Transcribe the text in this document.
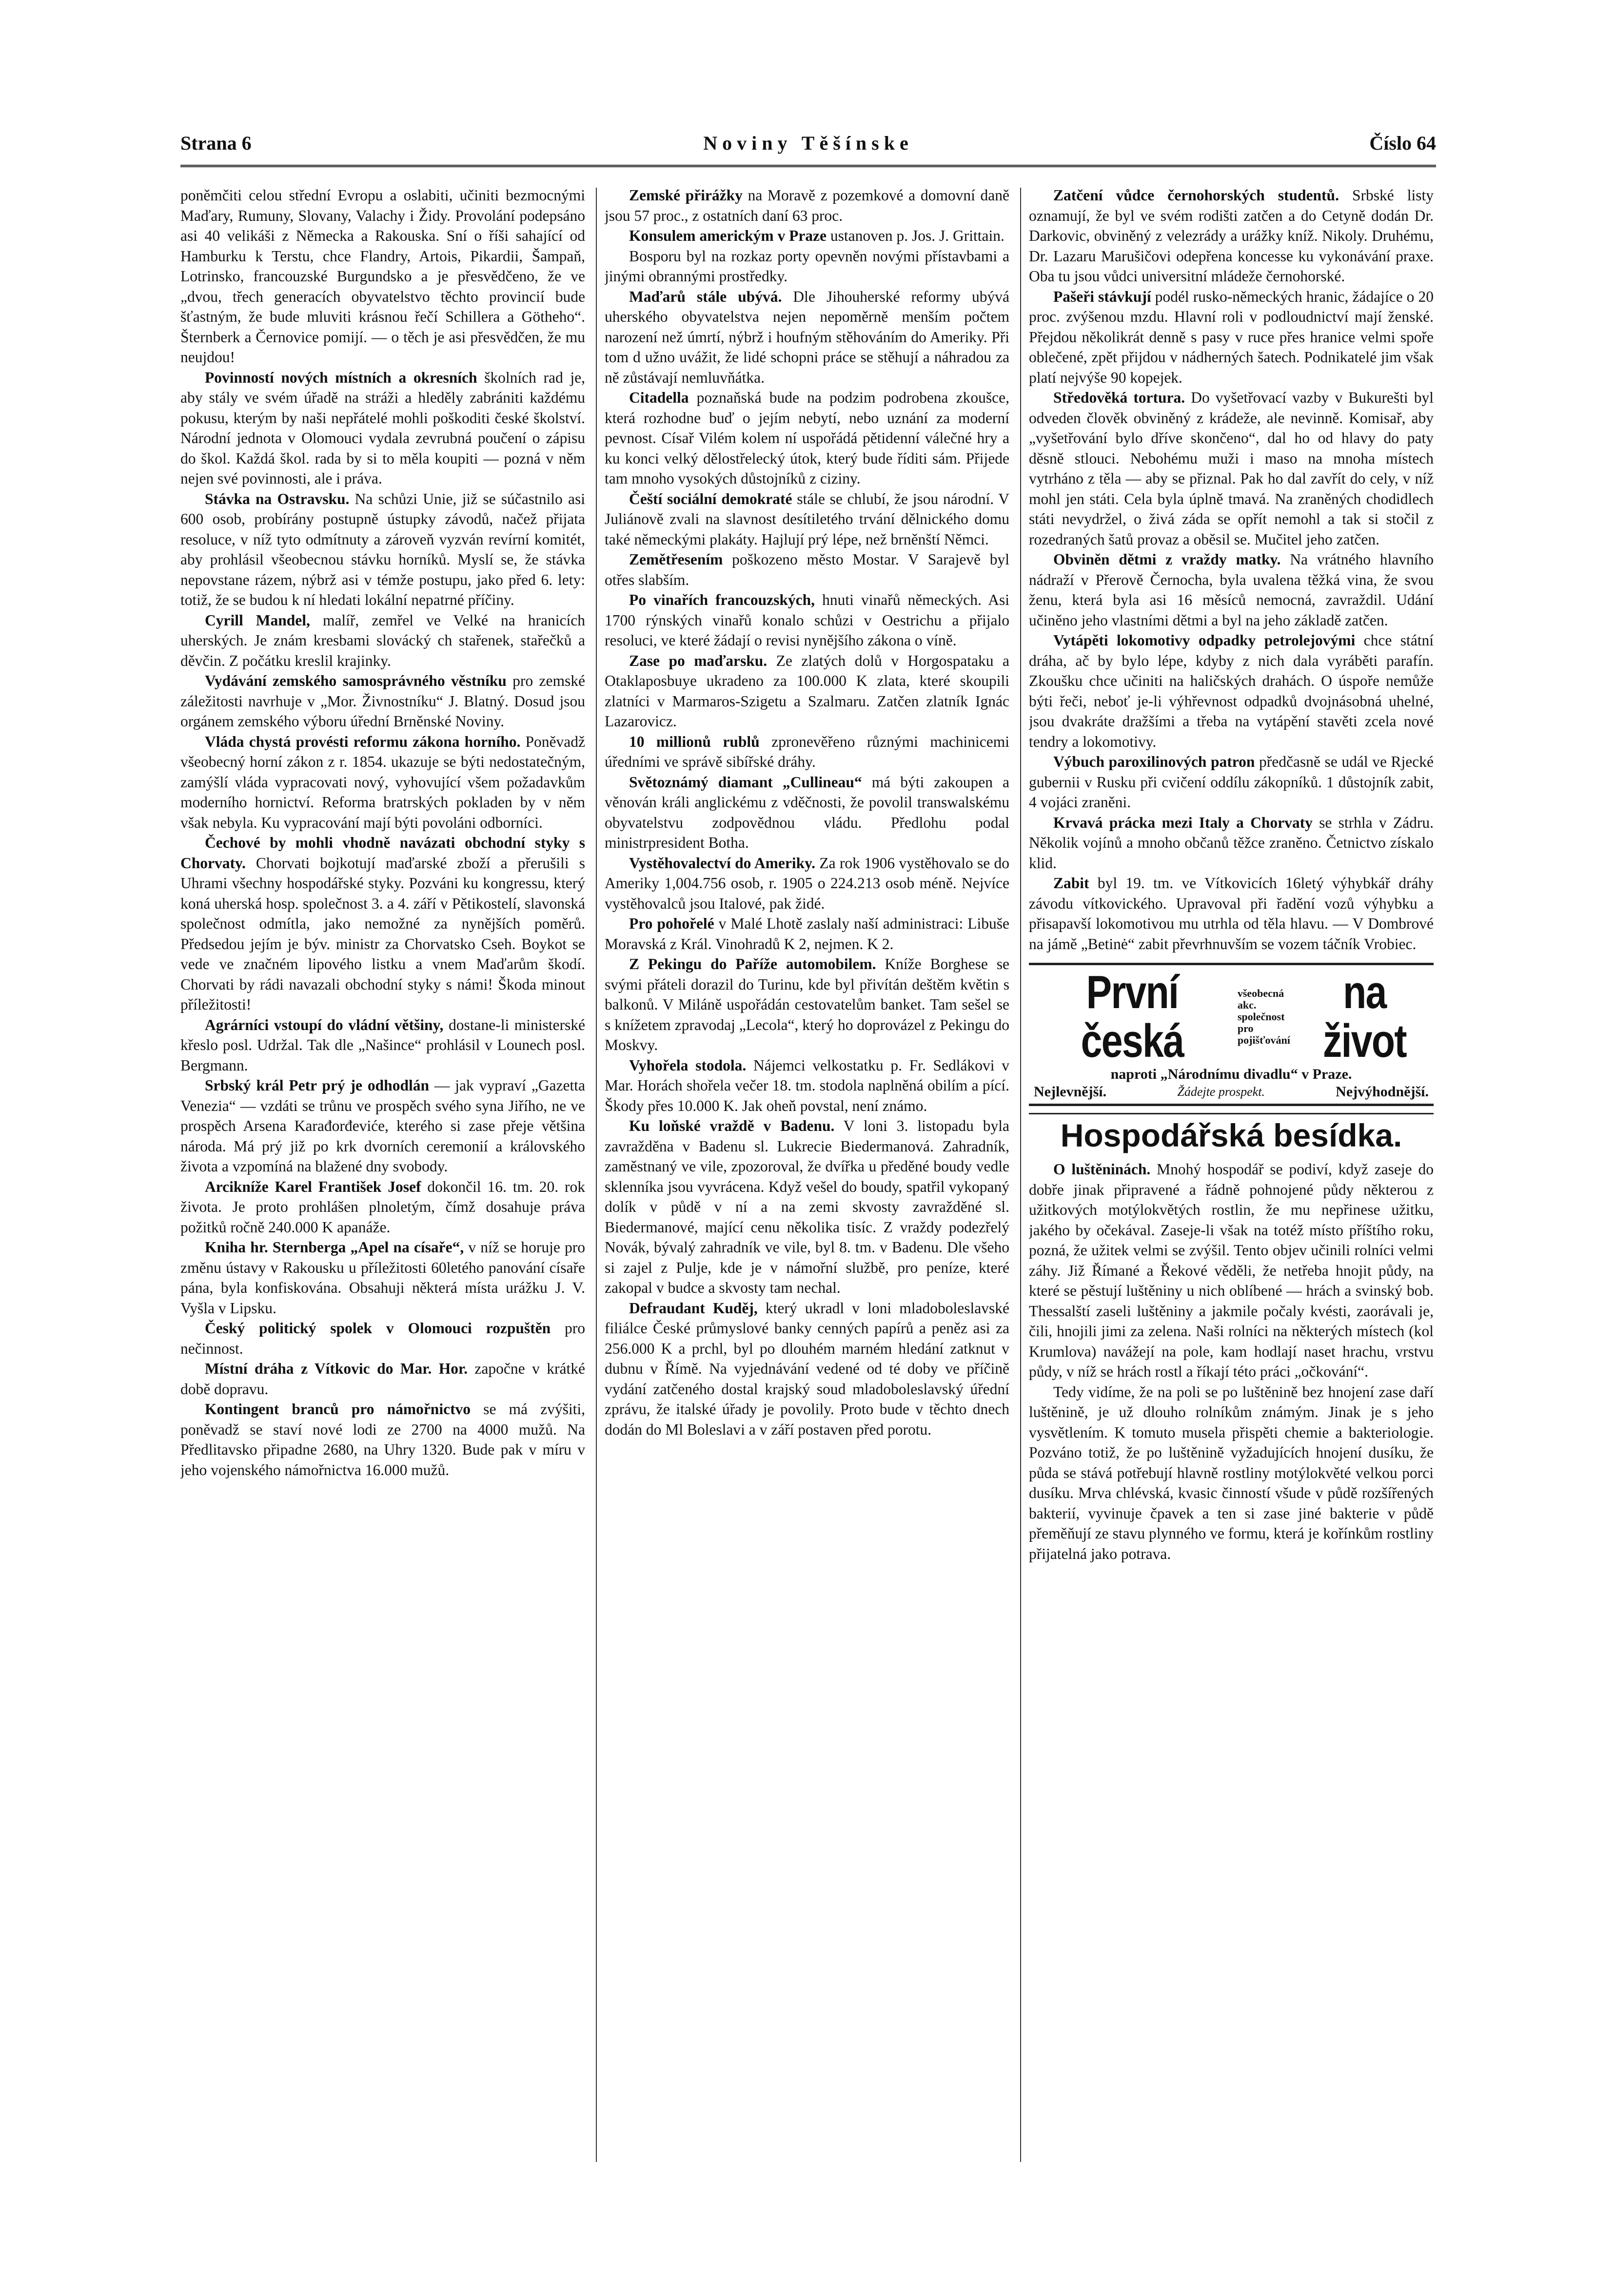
Strana 6	Noviny Těšínske	Číslo 64

poněmčiti celou střední Evropu a oslabiti, učiniti bezmocnými Maďary, Rumuny, Slovany, Valachy i Židy. Provolání podepsáno asi 40 velikáši z Německa a Rakouska. Sní o říši sahající od Hamburku k Terstu, chce Flandry, Artois, Pikardii, Šampaň, Lotrinsko, francouzské Burgundsko a je přesvědčeno, že ve „dvou, třech generacích obyvatelstvo těchto provincií bude šťastným, že bude mluviti krásnou řečí Schillera a Götheho“. Šternberk a Černovice pomijí. — o těch je asi přesvědčen, že mu neujdou!

Povinností nových místních a okresních školních rad je, aby stály ve svém úřadě na stráži a hleděly zabrániti každému pokusu, kterým by naši nepřátelé mohli poškoditi české školství. Národní jednota v Olomouci vydala zevrubná poučení o zápisu do škol. Každá škol. rada by si to měla koupiti — pozná v něm nejen své povinnosti, ale i práva.

Stávka na Ostravsku. Na schůzi Unie, již se súčastnilo asi 600 osob, probírány postupně ústupky závodů, načež přijata resolucе, v níž tyto odmítnuty a zároveň vyzván revírní komitét, aby prohlásil všeobecnou stávku horníků. Myslí se, že stávka nepovstane rázem, nýbrž asi v témže postupu, jako před 6. lety: totiž, že se budou k ní hledati lokální nepatrné příčiny.

Cyrill Mandel, malíř, zemřel ve Velké na hranicích uherských. Je znám kresbami slovácký ch stařenek, stařečků a děvčin. Z počátku kreslil krajinky.

Vydávání zemského samosprávného věstníku pro zemské záležitosti navrhuje v „Mor. Živnostníku“ J. Blatný. Dosud jsou orgánem zemského výboru úřední Brněnské Noviny.

Vláda chystá provésti reformu zákona horního. Poněvadž všeobecný horní zákon z r. 1854. ukazuje se býti nedostatečným, zamýšlí vláda vypracovati nový, vyhovující všem požadavkům moderního hornictví. Reforma bratrských pokladen by v něm však nebyla. Ku vypracování mají býti povoláni odborníci.

Čechové by mohli vhodně navázati obchodní styky s Chorvaty. Chorvati bojkotují maďarské zboží a přerušili s Uhrami všechny hospodářské styky. Pozváni ku kongressu, který koná uherská hosp. společnost 3. a 4. září v Pětikostelí, slavonská společnost odmítla, jako nemožné za nynějších poměrů. Předsedou jejím je býv. ministr za Chorvatsko Cseh. Boykot se vede ve značném lipového listku a vnem Maďarům škodí. Chorvati by rádi navazali obchodní styky s námi! Škoda minout příležitosti!

Agrárníci vstoupí do vládní většiny, dostane-li ministerské křeslo posl. Udržal. Tak dle „Našince“ prohlásil v Lounech posl. Bergmann.

Srbský král Petr prý je odhodlán — jak vypraví „Gazetta Venezia“ — vzdáti se trůnu ve prospěch svého syna Jiřího, ne ve prospěch Arsena Karađorđeviće, kterého si zase přeje většina národa. Má prý již po krk dvorních ceremonií a královského života a vzpomíná na blažené dny svobody.

Arcikníže Karel František Josef dokončil 16. tm. 20. rok života. Je proto prohlášen plnoletým, čímž dosahuje práva požitků ročně 240.000 K apanáže.

Kniha hr. Sternberga „Apel na císaře“, v níž se horuje pro změnu ústavy v Rakousku u příležitosti 60letého panování císaře pána, byla konfiskována. Obsahuji některá místa urážku J. V. Vyšla v Lipsku.

Český politický spolek v Olomouci rozpuštěn pro nečinnost.

Místní dráha z Vítkovic do Mar. Hor. započne v krátké době dopravu.

Kontingent branců pro námořnictvo se má zvýšiti, poněvadž se staví nové lodi ze 2700 na 4000 mužů. Na Předlitavsko připadne 2680, na Uhry 1320. Bude pak v míru v jeho vojenského námořnictva 16.000 mužů.

Zemské přirážky na Moravě z pozemkové a domovní daně jsou 57 proc., z ostatních daní 63 proc.

Konsulem americkým v Praze ustanoven p. Jos. J. Grittain.

Bosporu byl na rozkaz porty opevněn novými přístavbami a jinými obrannými prostředky.

Maďarů stále ubývá. Dle Jihouherské reformy ubývá uherského obyvatelstva nejen nepoměrně menším počtem narození než úmrtí, nýbrž i houfným stěhováním do Ameriky. Při tom d užno uvážit, že lidé schopni práce se stěhují a náhradou za ně zůstávají nemluvňátka.

Citadella poznaňská bude na podzim podrobena zkoušce, která rozhodne buď o jejím nebytí, nebo uznání za moderní pevnost. Císař Vilém kolem ní uspořádá pětidenní válečné hry a ku konci velký dělostřelecký útok, který bude říditi sám. Přijede tam mnoho vysokých důstojníků z ciziny.

Čeští sociální demokraté stále se chlubí, že jsou národní. V Juliánově zvali na slavnost desítiletého trvání dělnického domu také německými plakáty. Hajlují prý lépe, než brněnští Němci.

Zemětřesením poškozeno město Mostar. V Sarajevě byl otřes slabším.

Po vinařích francouzských, hnuti vinařů německých. Asi 1700 rýnských vinařů konalo schůzi v Oestrichu a přijalo resoluci, ve které žádají o revisi nynějšího zákona o víně.

Zase po maďarsku. Ze zlatých dolů v Horgospataku a Otaklaposbuye ukradeno za 100.000 K zlata, které skoupili zlatníci v Marmaros-Szigetu a Szalmaru. Zatčen zlatník Ignác Lazarovicz.

10 millionů rublů zpronevěřeno různými machinicemi úředními ve správě sibířské dráhy.

Světoznámý diamant „Cullineau“ má býti zakoupen a věnován králi anglickému z vděčnosti, že povolil transwalskému obyvatelstvu zodpovědnou vládu. Předlohu podal ministrpresident Botha.

Vystěhovalectví do Ameriky. Za rok 1906 vystěhovalo se do Ameriky 1,004.756 osob, r. 1905 o 224.213 osob méně. Nejvíce vystěhovalců jsou Italové, pak židé.

Pro pohořelé v Malé Lhotě zaslaly naší administraci: Libuše Moravská z Král. Vinohradů K 2, nejmen. K 2.

Z Pekingu do Paříže automobilem. Kníže Borghese se svými přáteli dorazil do Turinu, kde byl přivítán deštěm květin s balkonů. V Miláně uspořádán cestovatelům banket. Tam sešel se s knížetem zpravodaj „Lecola“, který ho doprovázel z Pekingu do Moskvy.

Vyhořela stodola. Nájemci velkostatku p. Fr. Sedlákovi v Mar. Horách shořela večer 18. tm. stodola naplněná obilím a pící. Škody přes 10.000 K. Jak oheň povstal, není známo.

Ku loňské vraždě v Badenu. V loni 3. listopadu byla zavražděna v Badenu sl. Lukrecie Biedermanová. Zahradník, zaměstnaný ve vile, zpozoroval, že dvířka u předěné boudy vedle sklenníka jsou vyvrácena. Když vešel do boudy, spatřil vykopaný dolík v půdě v ní a na zemi skvosty zavražděné sl. Biedermanové, mající cenu několika tisíc. Z vraždy podezřelý Novák, bývalý zahradník ve vile, byl 8. tm. v Badenu. Dle všeho si zajel z Pulje, kde je v námořní službě, pro peníze, které zakopal v budce a skvosty tam nechal.

Defraudant Kuděj, který ukradl v lonі mladoboleslavské filiálce České průmyslové banky cenných papírů a peněz asi za 256.000 K a prchl, byl po dlouhém marném hledání zatknut v dubnu v Římě. Na vyjednávání vedené od té doby ve příčině vydání zatčeného dostal krajský soud mladoboleslavský úřední zprávu, že italské úřady je povolily. Proto bude v těchto dnech dodán do Ml Boleslavi a v září postaven před porotu.

Zatčení vůdce černohorských studentů. Srbské listy oznamují, že byl ve svém rodišti zatčen a do Cetyně dodán Dr. Darkovic, obviněný z velezrády a urážky kníž. Nikoly. Druhému, Dr. Lazaru Marušičovi odepřena koncesse ku vykonávání praxe. Oba tu jsou vůdci universitní mládeže černohorské.

Pašeři stávkují podél rusko-německých hranic, žádajíce o 20 proc. zvýšenou mzdu. Hlavní roli v podloudnictví mají ženské. Přejdou několikrát denně s pasy v ruce přes hranice velmi spoře oblečené, zpět přijdou v nádherných šatech. Podnikatelé jim však platí nejvýše 90 kopejek.

Středověká tortura. Do vyšetřovací vazby v Bukurešti byl odveden člověk obviněný z krádeže, ale nevinně. Komisař, aby „vyšetřování bylo dříve skončeno“, dal ho od hlavy do paty děsně stlouci. Nebohému muži i maso na mnoha místech vytrháno z těla — aby se přiznal. Pak ho dal zavřít do cely, v níž mohl jen státi. Cela byla úplně tmavá. Na zraněných chodidlech státi nevydržel, o živá záda se opřít nemohl a tak si stočil z rozedraných šatů provaz a oběsil se. Mučitel jeho zatčen.

Obviněn dětmi z vraždy matky. Na vrátného hlavního nádraží v Přerově Černocha, byla uvalena těžká vina, že svou ženu, která byla asi 16 měsíců nemocná, zavraždil. Udání učiněno jeho vlastními dětmi a byl na jeho základě zatčen.

Vytápěti lokomotivy odpadky petrolejovými chce státní dráha, ač by bylo lépe, kdyby z nich dala vyráběti parafín. Zkoušku chce učiniti na haličských drahách. O úspoře nemůže býti řeči, neboť je-li výhřevnost odpadků dvojnásobná uhelné, jsou dvakráte dražšími a třeba na vytápění stavěti zcela nové tendry a lokomotivy.

Výbuch paroxilinových patron předčasně se udál ve Rjecké gubernii v Rusku při cvičení oddílu zákopníků. 1 důstojník zabit, 4 vojáci zraněni.

Krvavá prácka mezi Italy a Chorvaty se strhla v Zádru. Několik vojínů a mnoho občanů těžce zraněno. Četnictvo získalo klid.

Zabit byl 19. tm. ve Vítkovicích 16letý výhybkář dráhy závodu vítkovického. Upravoval při řadění vozů výhybku a přisapavší lokomotivou mu utrhla od těla hlavu. — V Dombrové na jámě „Betinė“ zabit převrhnuvším se vozem táčník Vrobiec.

První česká
všeobecná akc.
společnost pro
pojišťování
na život
naproti „Národnímu divadlu“ v Praze.
Nejlevnější.	Žádejte prospekt.	Nejvýhodnější.
Hospodářská besídka.

O luštěninách. Mnohý hospodář se podiví, když zaseje do dobře jinak připravené a řádně pohnojené půdy některou z užitkových motýlokvětých rostlin, že mu nepřinese užitku, jakého by očekával. Zaseje-li však na totéž místo příštího roku, pozná, že užitek velmi se zvýšil. Tento objev učinili rolníci velmi záhy. Již Římané a Řekové věděli, že netřeba hnojit půdy, na které se pěstují luštěniny u nich oblíbené — hrách a svinský bob. Thessalští zaseli luštěniny a jakmile počaly kvésti, zaorávali je, čili, hnojili jimi za zelena. Naši rolníci na některých místech (kol Krumlova) navážejí na pole, kam hodlají naset hrachu, vrstvu půdy, v níž se hrách rostl a říkají této práci „očkování“.

Tedy vidíme, že na poli se po luštěnině bez hnojení zase daří luštěnině, je už dlouho rolníkům známým. Jinak je s jeho vysvětlením. K tomuto musela přispěti chemie a bakteriologie. Pozváno totiž, že po luštěnině vyžadujících hnojení dusíku, že půda se stává potřebují hlavně rostliny motýlokvěté velkou porci dusíku. Mrva chlévská, kvasic činností všude v půdě rozšířených bakterií, vyvinuje čpavek a ten si zase jiné bakterie v půdě přeměňují ze stavu plynného ve formu, která je kořínkům rostliny přijatelná jako potrava.
